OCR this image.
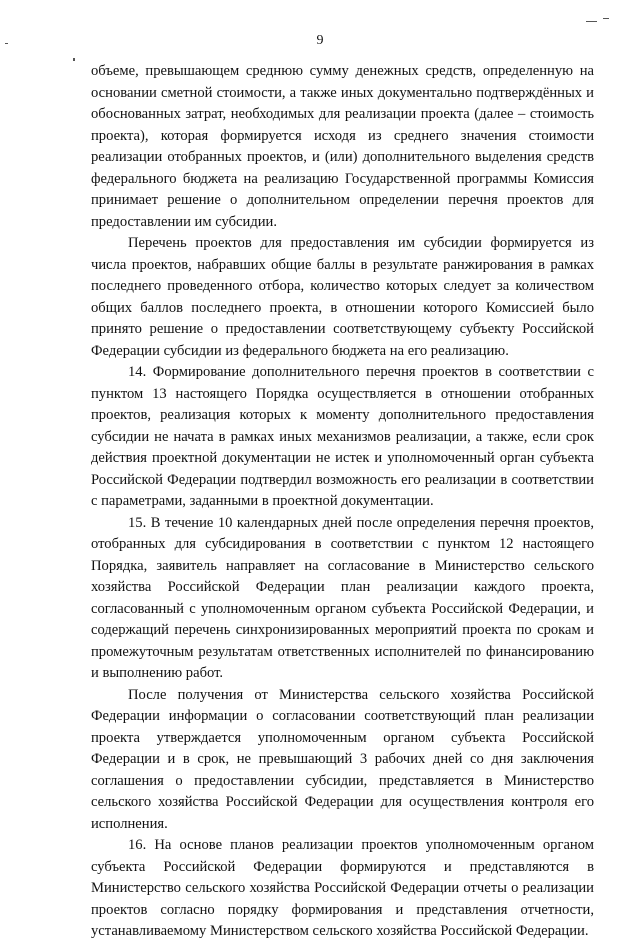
9

объеме, превышающем среднюю сумму денежных средств, определенную на основании сметной стоимости, а также иных документально подтверждённых и обоснованных затрат, необходимых для реализации проекта (далее – стоимость проекта), которая формируется исходя из среднего значения стоимости реализации отобранных проектов, и (или) дополнительного выделения средств федерального бюджета на реализацию Государственной программы Комиссия принимает решение о дополнительном определении перечня проектов для предоставлении им субсидии.

Перечень проектов для предоставления им субсидии формируется из числа проектов, набравших общие баллы в результате ранжирования в рамках последнего проведенного отбора, количество которых следует за количеством общих баллов последнего проекта, в отношении которого Комиссией было принято решение о предоставлении соответствующему субъекту Российской Федерации субсидии из федерального бюджета на его реализацию.

14. Формирование дополнительного перечня проектов в соответствии с пунктом 13 настоящего Порядка осуществляется в отношении отобранных проектов, реализация которых к моменту дополнительного предоставления субсидии не начата в рамках иных механизмов реализации, а также, если срок действия проектной документации не истек и уполномоченный орган субъекта Российской Федерации подтвердил возможность его реализации в соответствии с параметрами, заданными в проектной документации.

15. В течение 10 календарных дней после определения перечня проектов, отобранных для субсидирования в соответствии с пунктом 12 настоящего Порядка, заявитель направляет на согласование в Министерство сельского хозяйства Российской Федерации план реализации каждого проекта, согласованный с уполномоченным органом субъекта Российской Федерации, и содержащий перечень синхронизированных мероприятий проекта по срокам и промежуточным результатам ответственных исполнителей по финансированию и выполнению работ.

После получения от Министерства сельского хозяйства Российской Федерации информации о согласовании соответствующий план реализации проекта утверждается уполномоченным органом субъекта Российской Федерации и в срок, не превышающий 3 рабочих дней со дня заключения соглашения о предоставлении субсидии, представляется в Министерство сельского хозяйства Российской Федерации для осуществления контроля его исполнения.

16. На основе планов реализации проектов уполномоченным органом субъекта Российской Федерации формируются и представляются в Министерство сельского хозяйства Российской Федерации отчеты о реализации проектов согласно порядку формирования и представления отчетности, устанавливаемому Министерством сельского хозяйства Российской Федерации.
